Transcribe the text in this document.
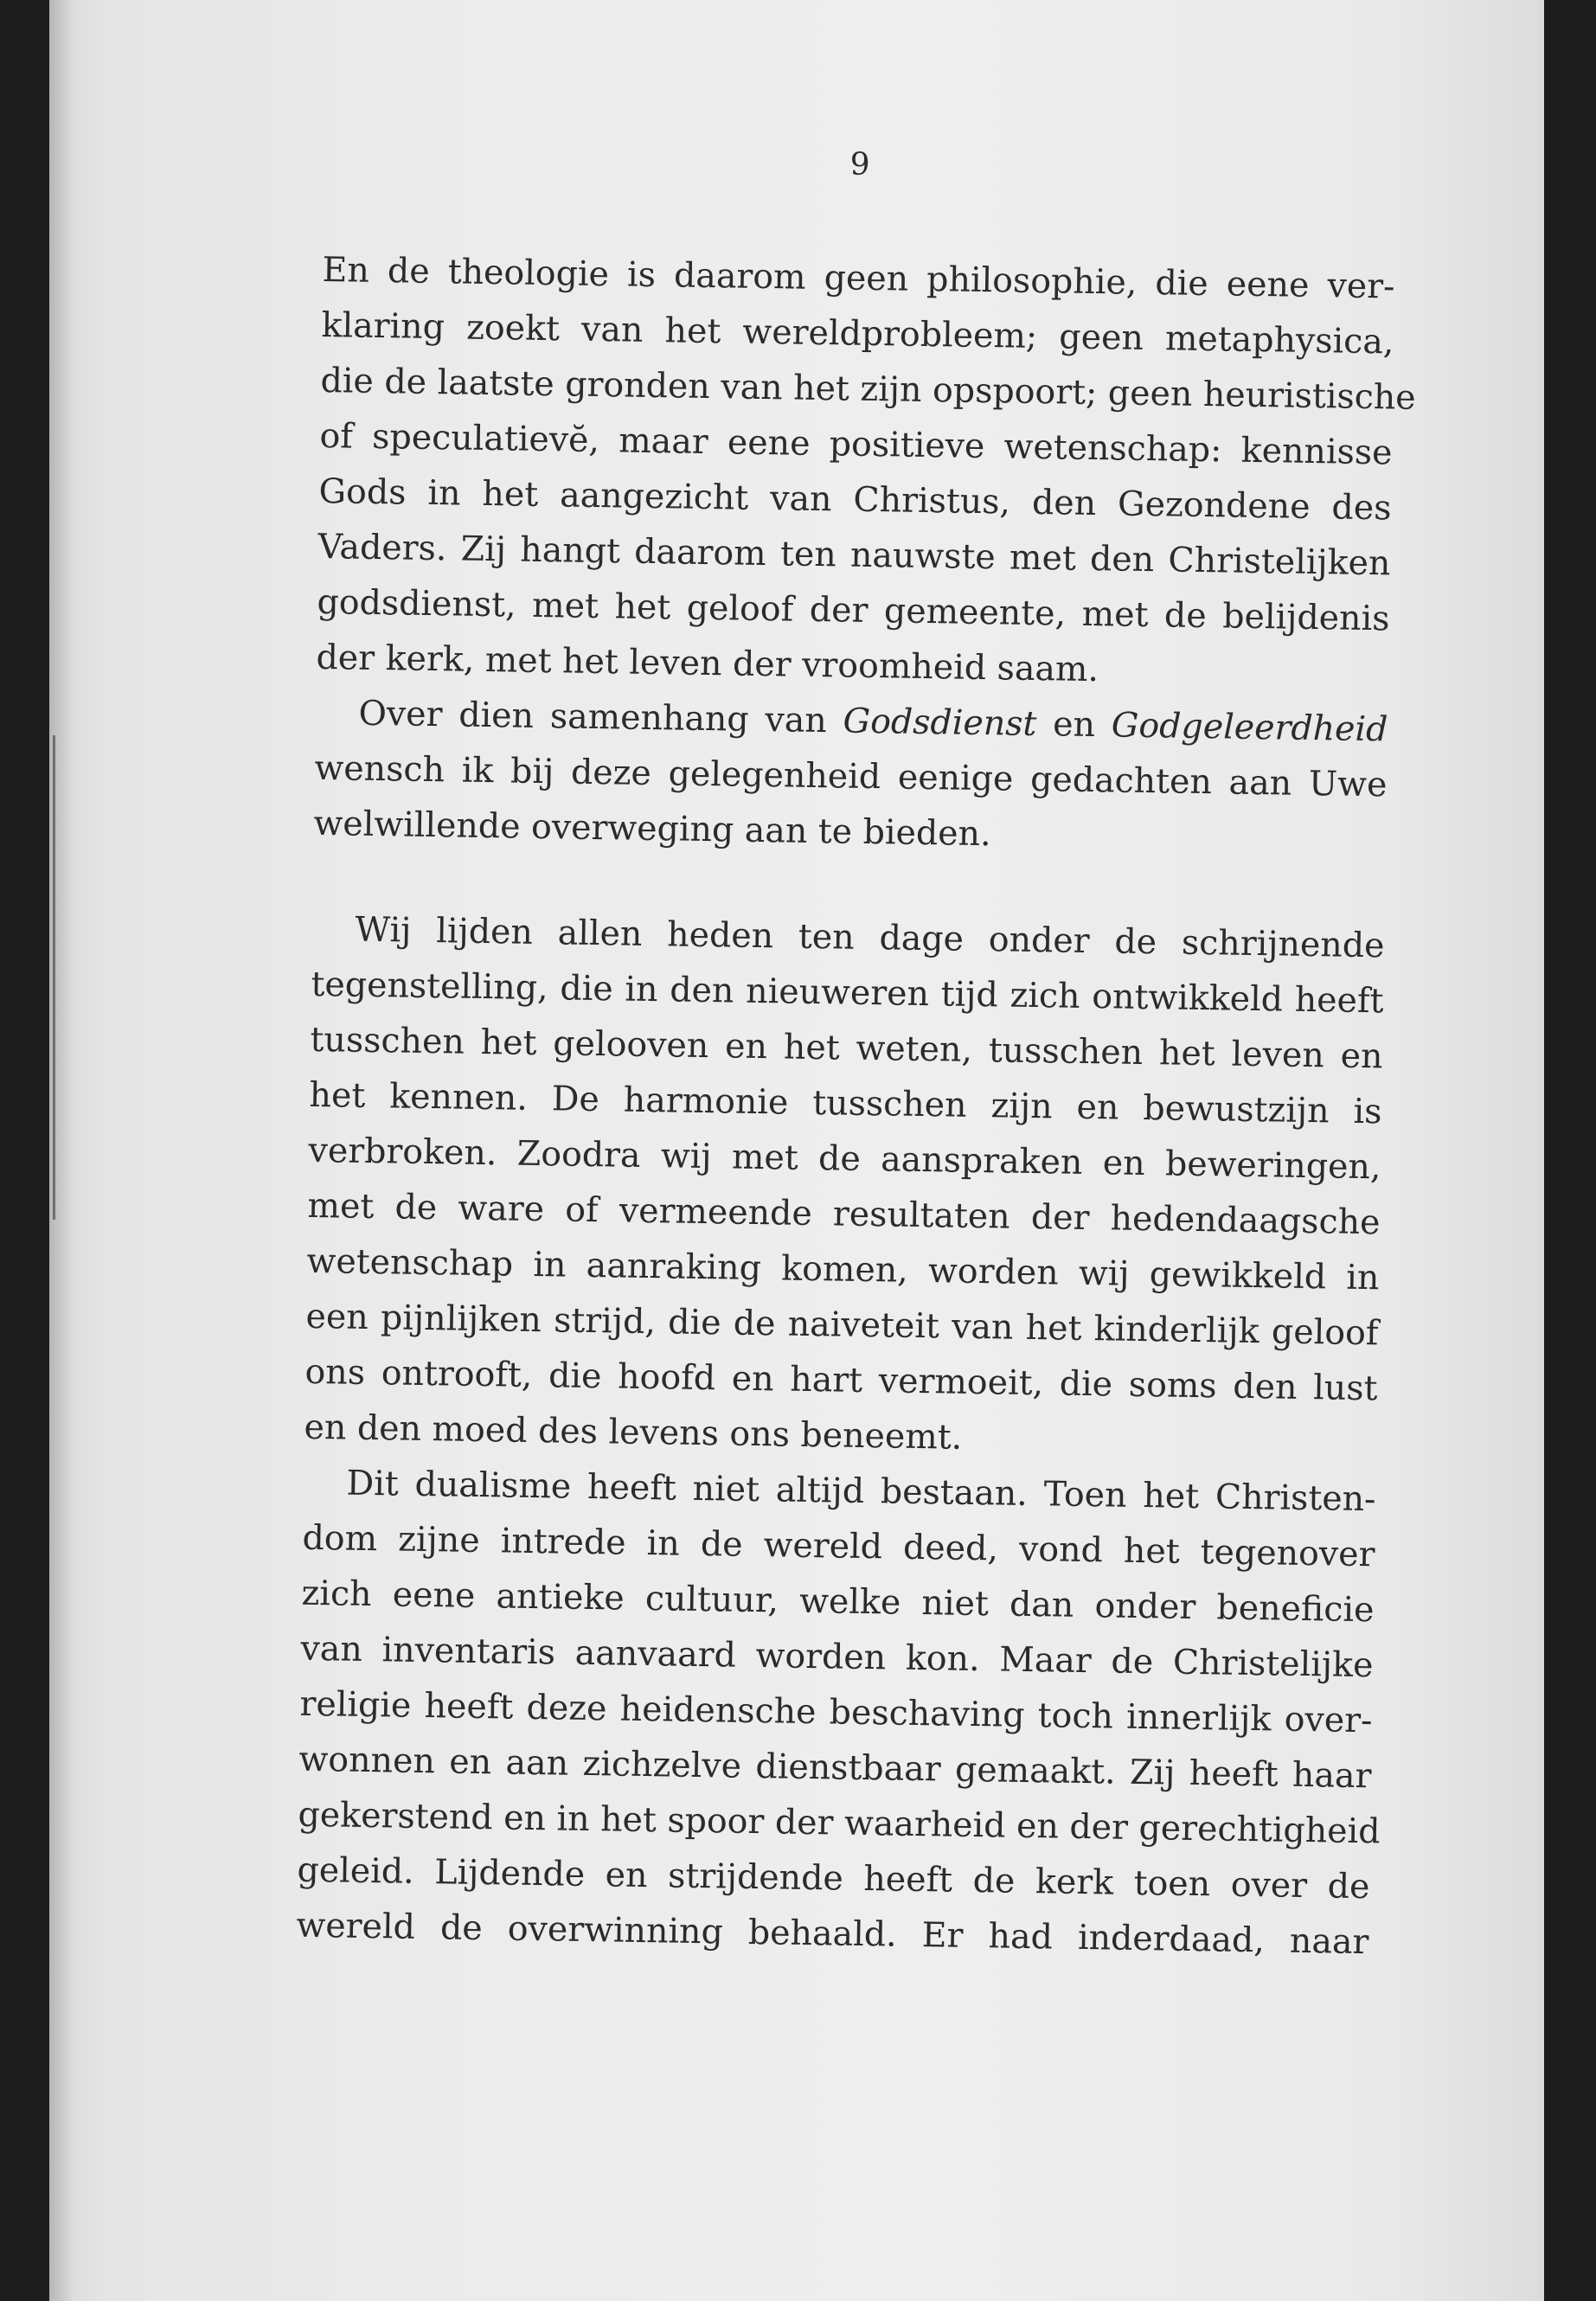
9
En de theologie is daarom geen philosophie, die eene ver-
klaring zoekt van het wereldprobleem; geen metaphysica,
die de laatste gronden van het zijn opspoort; geen heuristische
of speculatievĕ, maar eene positieve wetenschap: kennisse
Gods in het aangezicht van Christus, den Gezondene des
Vaders. Zij hangt daarom ten nauwste met den Christelijken
godsdienst, met het geloof der gemeente, met de belijdenis
der kerk, met het leven der vroomheid saam.
Over dien samenhang van Godsdienst en Godgeleerdheid
wensch ik bij deze gelegenheid eenige gedachten aan Uwe
welwillende overweging aan te bieden.
Wij lijden allen heden ten dage onder de schrijnende
tegenstelling, die in den nieuweren tijd zich ontwikkeld heeft
tusschen het gelooven en het weten, tusschen het leven en
het kennen. De harmonie tusschen zijn en bewustzijn is
verbroken. Zoodra wij met de aanspraken en beweringen,
met de ware of vermeende resultaten der hedendaagsche
wetenschap in aanraking komen, worden wij gewikkeld in
een pijnlijken strijd, die de naiveteit van het kinderlijk geloof
ons ontrooft, die hoofd en hart vermoeit, die soms den lust
en den moed des levens ons beneemt.
Dit dualisme heeft niet altijd bestaan. Toen het Christen-
dom zijne intrede in de wereld deed, vond het tegenover
zich eene antieke cultuur, welke niet dan onder beneficie
van inventaris aanvaard worden kon. Maar de Christelijke
religie heeft deze heidensche beschaving toch innerlijk over-
wonnen en aan zichzelve dienstbaar gemaakt. Zij heeft haar
gekerstend en in het spoor der waarheid en der gerechtigheid
geleid. Lijdende en strijdende heeft de kerk toen over de
wereld de overwinning behaald. Er had inderdaad, naar
